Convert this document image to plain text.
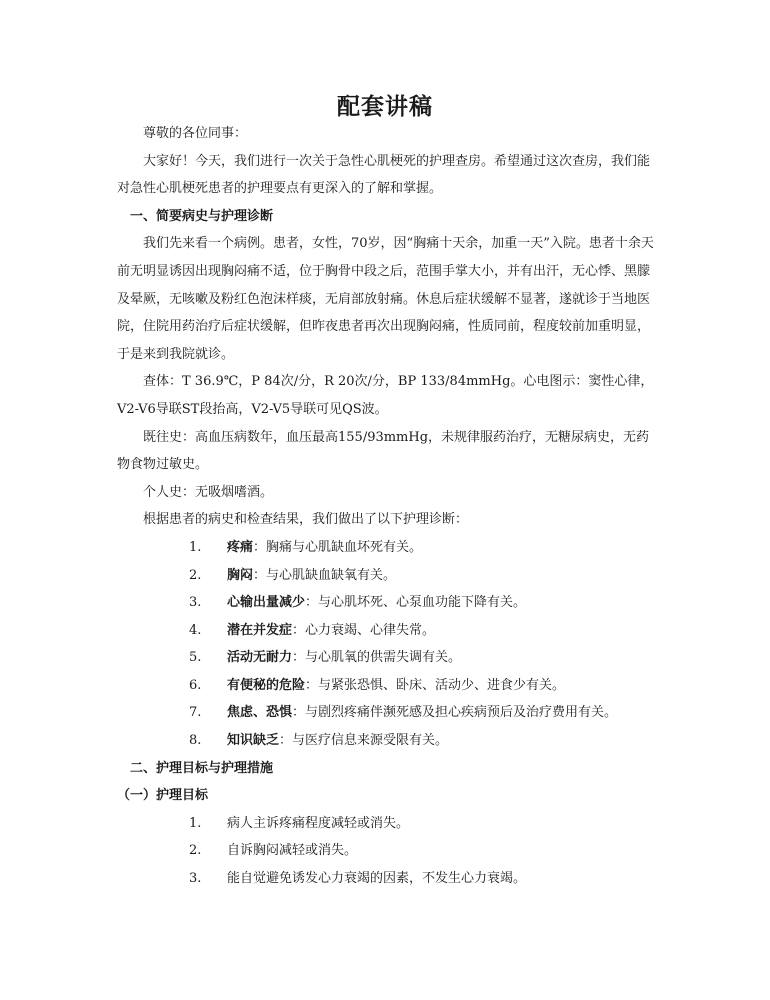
配套讲稿

尊敬的各位同事：

大家好！今天，我们进行一次关于急性心肌梗死的护理查房。希望通过这次查房，我们能对急性心肌梗死患者的护理要点有更深入的了解和掌握。

一、简要病史与护理诊断

我们先来看一个病例。患者，女性，70岁，因“胸痛十天余，加重一天”入院。患者十余天前无明显诱因出现胸闷痛不适，位于胸骨中段之后，范围手掌大小，并有出汗，无心悸、黑朦及晕厥，无咳嗽及粉红色泡沫样痰，无肩部放射痛。休息后症状缓解不显著，遂就诊于当地医院，住院用药治疗后症状缓解，但昨夜患者再次出现胸闷痛，性质同前，程度较前加重明显，于是来到我院就诊。

查体：T 36.9℃，P 84次/分，R 20次/分，BP 133/84mmHg。心电图示：窦性心律，V2-V6导联ST段抬高，V2-V5导联可见QS波。

既往史：高血压病数年，血压最高155/93mmHg，未规律服药治疗，无糖尿病史，无药物食物过敏史。

个人史：无吸烟嗜酒。

根据患者的病史和检查结果，我们做出了以下护理诊断：

1. 疼痛：胸痛与心肌缺血坏死有关。
2. 胸闷：与心肌缺血缺氧有关。
3. 心输出量减少：与心肌坏死、心泵血功能下降有关。
4. 潜在并发症：心力衰竭、心律失常。
5. 活动无耐力：与心肌氧的供需失调有关。
6. 有便秘的危险：与紧张恐惧、卧床、活动少、进食少有关。
7. 焦虑、恐惧：与剧烈疼痛伴濒死感及担心疾病预后及治疗费用有关。
8. 知识缺乏：与医疗信息来源受限有关。

二、护理目标与护理措施

（一）护理目标

1. 病人主诉疼痛程度减轻或消失。
2. 自诉胸闷减轻或消失。
3. 能自觉避免诱发心力衰竭的因素，不发生心力衰竭。
